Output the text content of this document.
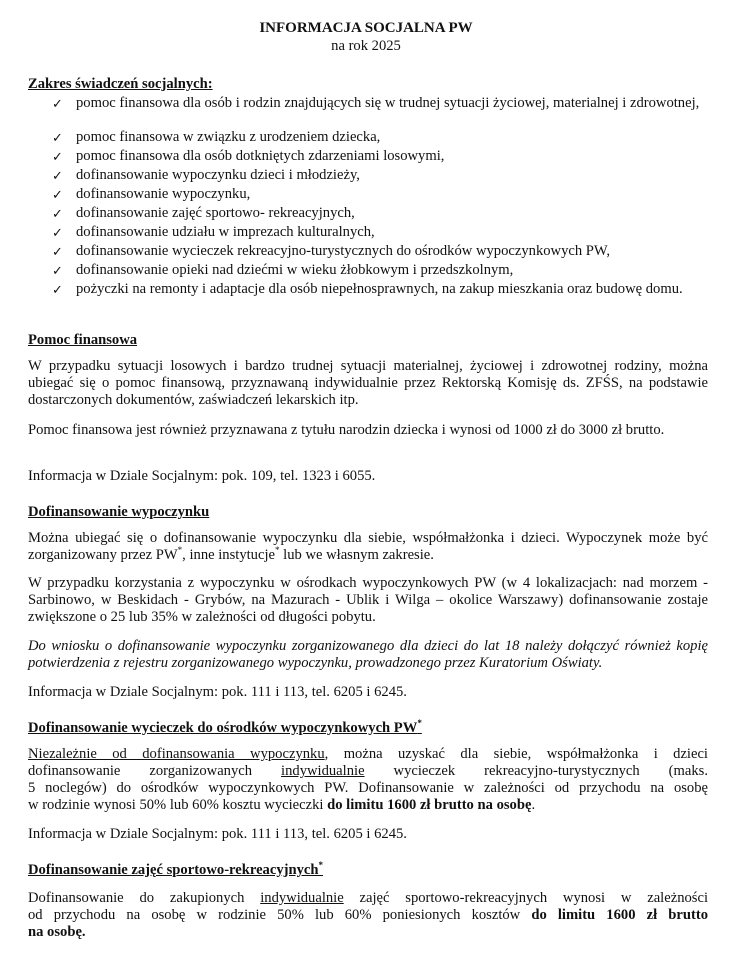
INFORMACJA SOCJALNA PW
na rok 2025
Zakres świadczeń socjalnych:
✓ pomoc finansowa dla osób i rodzin znajdujących się w trudnej sytuacji życiowej, materialnej i zdrowotnej,
✓ pomoc finansowa w związku z urodzeniem dziecka,
✓ pomoc finansowa dla osób dotkniętych zdarzeniami losowymi,
✓ dofinansowanie wypoczynku dzieci i młodzieży,
✓ dofinansowanie wypoczynku,
✓ dofinansowanie zajęć sportowo- rekreacyjnych,
✓ dofinansowanie udziału w imprezach kulturalnych,
✓ dofinansowanie wycieczek rekreacyjno-turystycznych do ośrodków wypoczynkowych PW,
✓ dofinansowanie opieki nad dziećmi w wieku żłobkowym i przedszkolnym,
✓ pożyczki na remonty i adaptacje dla osób niepełnosprawnych, na zakup mieszkania oraz budowę domu.
Pomoc finansowa
W przypadku sytuacji losowych i bardzo trudnej sytuacji materialnej, życiowej i zdrowotnej rodziny, można ubiegać się o pomoc finansową, przyznawaną indywidualnie przez Rektorską Komisję ds. ZFŚS, na podstawie dostarczonych dokumentów, zaświadczeń lekarskich itp.
Pomoc finansowa jest również przyznawana z tytułu narodzin dziecka i wynosi od 1000 zł do 3000 zł brutto.
Informacja w Dziale Socjalnym: pok. 109, tel. 1323 i 6055.
Dofinansowanie wypoczynku
Można ubiegać się o dofinansowanie wypoczynku dla siebie, współmałżonka i dzieci. Wypoczynek może być zorganizowany przez PW*, inne instytucje* lub we własnym zakresie.
W przypadku korzystania z wypoczynku w ośrodkach wypoczynkowych PW (w 4 lokalizacjach: nad morzem - Sarbinowo, w Beskidach - Grybów, na Mazurach - Ublik i Wilga – okolice Warszawy) dofinansowanie zostaje zwiększone o 25 lub 35% w zależności od długości pobytu.
Do wniosku o dofinansowanie wypoczynku zorganizowanego dla dzieci do lat 18 należy dołączyć również kopię potwierdzenia z rejestru zorganizowanego wypoczynku, prowadzonego przez Kuratorium Oświaty.
Informacja w Dziale Socjalnym: pok. 111 i 113, tel. 6205 i 6245.
Dofinansowanie wycieczek do ośrodków wypoczynkowych PW*
Niezależnie od dofinansowania wypoczynku, można uzyskać dla siebie, współmałżonka i dzieci
dofinansowanie zorganizowanych indywidualnie wycieczek rekreacyjno-turystycznych (maks.
5 noclegów) do ośrodków wypoczynkowych PW. Dofinansowanie w zależności od przychodu na osobę
w rodzinie wynosi 50% lub 60% kosztu wycieczki do limitu 1600 zł brutto na osobę.
Informacja w Dziale Socjalnym: pok. 111 i 113, tel. 6205 i 6245.
Dofinansowanie zajęć sportowo-rekreacyjnych*
Dofinansowanie do zakupionych indywidualnie zajęć sportowo-rekreacyjnych wynosi w zależności
od przychodu na osobę w rodzinie 50% lub 60% poniesionych kosztów do limitu 1600 zł brutto
na osobę.
